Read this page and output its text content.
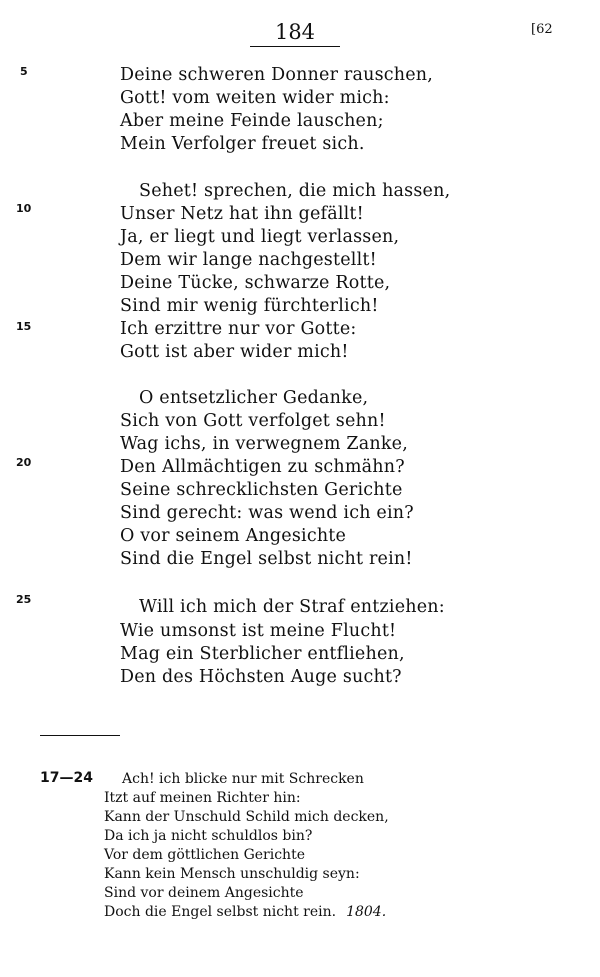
184	[62
5
10
15
20
25
Deine schweren Donner rauschen,
Gott! vom weiten wider mich:
Aber meine Feinde lauschen;
Mein Verfolger freuet sich.
Sehet! sprechen, die mich hassen,
Unser Netz hat ihn gefällt!
Ja, er liegt und liegt verlassen,
Dem wir lange nachgestellt!
Deine Tücke, schwarze Rotte,
Sind mir wenig fürchterlich!
Ich erzittre nur vor Gotte:
Gott ist aber wider mich!
O entsetzlicher Gedanke,
Sich von Gott verfolget sehn!
Wag ichs, in verwegnem Zanke,
Den Allmächtigen zu schmähn?
Seine schrecklichsten Gerichte
Sind gerecht: was wend ich ein?
O vor seinem Angesichte
Sind die Engel selbst nicht rein!
Will ich mich der Straf entziehen:
Wie umsonst ist meine Flucht!
Mag ein Sterblicher entfliehen,
Den des Höchsten Auge sucht?
17—24 Ach! ich blicke nur mit Schrecken
Itzt auf meinen Richter hin:
Kann der Unschuld Schild mich decken,
Da ich ja nicht schuldlos bin?
Vor dem göttlichen Gerichte
Kann kein Mensch unschuldig seyn:
Sind vor deinem Angesichte
Doch die Engel selbst nicht rein. 1804.
